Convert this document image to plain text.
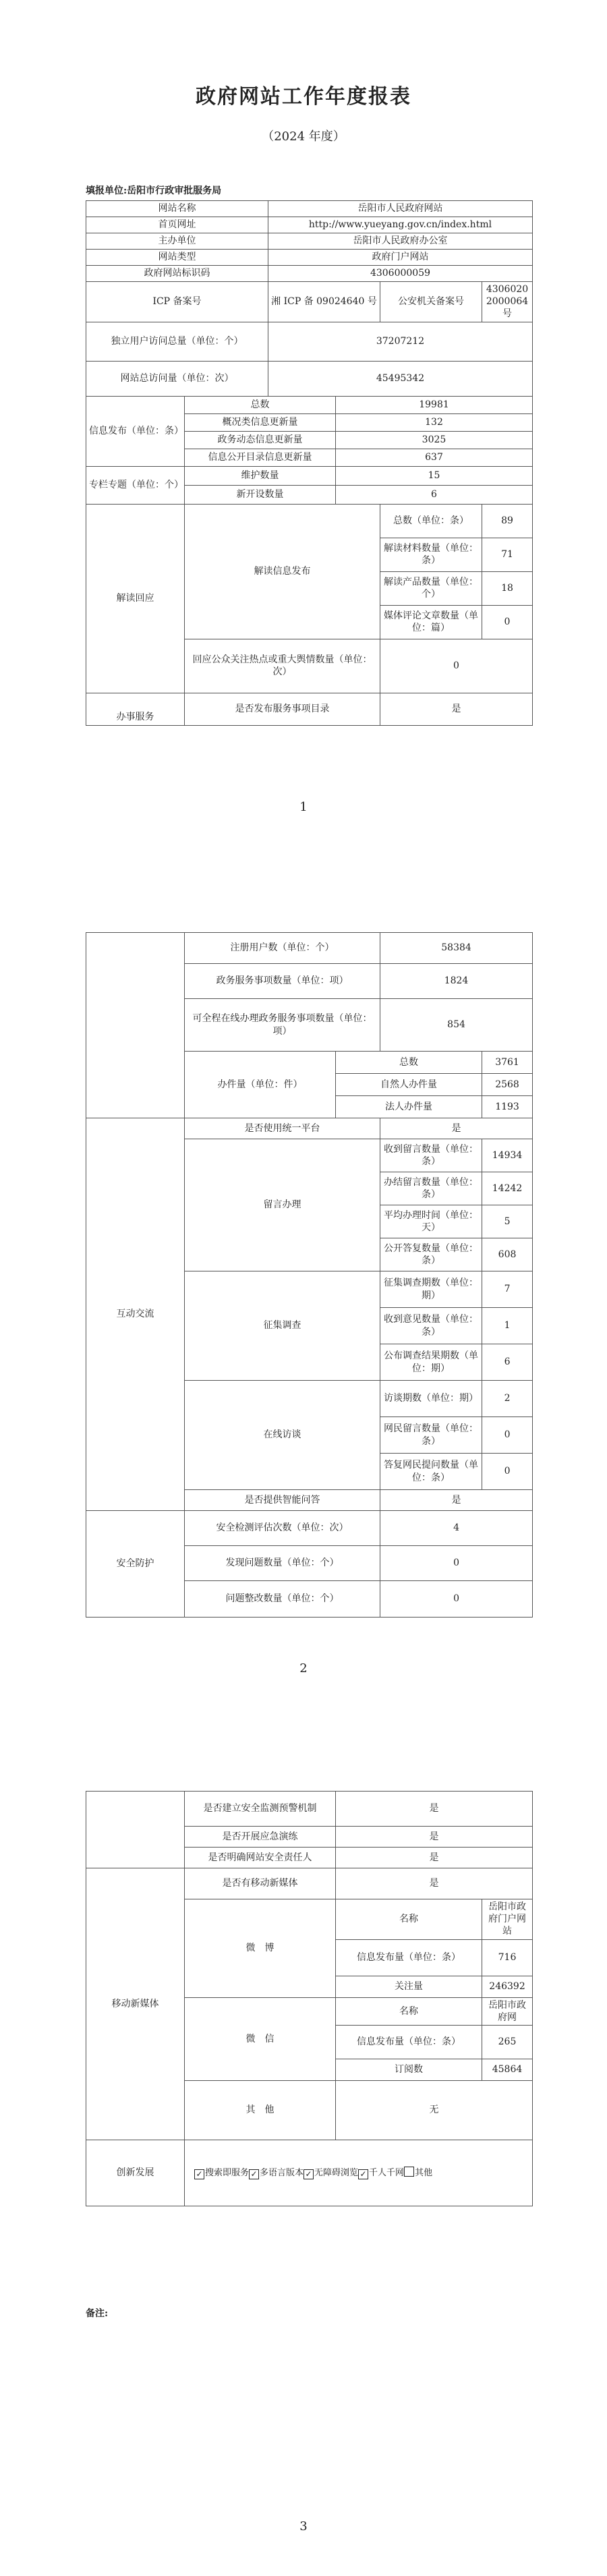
政府网站工作年度报表
（2024 年度）
填报单位:岳阳市行政审批服务局
网站名称		岳阳市人民政府网站			
首页网址		http://www.yueyang.gov.cn/index.html			
主办单位		岳阳市人民政府办公室			
网站类型		政府门户网站			
政府网站标识码		4306000059			
ICP 备案号		湘 ICP 备 09024640 号		公安机关备案号	43060202000064 号
独立用户访问总量（单位：个）		37207212			
网站总访问量（单位：次）		45495342			
信息发布（单位：条）	总数		19981		
	概况类信息更新量		132		
	政务动态信息更新量		3025		
	信息公开目录信息更新量		637		
专栏专题（单位：个）	维护数量		15		
	新开设数量		6		
解读回应	解读信息发布			总数（单位：条）	89
				解读材料数量（单位：条）	71
				解读产品数量（单位：个）	18
				媒体评论文章数量（单位：篇）	0
	回应公众关注热点或重大舆情数量（单位：次）			0	
办事服务	是否发布服务事项目录			是	
1
	注册用户数（单位：个）		58384	
	政务服务事项数量（单位：项）		1824	
	可全程在线办理政务服务事项数量（单位：项）		854	
	办件量（单位：件）	总数		3761
		自然人办件量		2568
		法人办件量		1193
互动交流	是否使用统一平台		是	
	留言办理		收到留言数量（单位：条）	14934
			办结留言数量（单位：条）	14242
			平均办理时间（单位：天）	5
			公开答复数量（单位：条）	608
	征集调查		征集调查期数（单位：期）	7
			收到意见数量（单位：条）	1
			公布调查结果期数（单位：期）	6
	在线访谈		访谈期数（单位：期）	2
			网民留言数量（单位：条）	0
			答复网民提问数量（单位：条）	0
	是否提供智能问答		是	
安全防护	安全检测评估次数（单位：次）		4	
	发现问题数量（单位：个）		0	
	问题整改数量（单位：个）		0	
2
	是否建立安全监测预警机制	是	
	是否开展应急演练	是	
	是否明确网站安全责任人	是	
移动新媒体	是否有移动新媒体	是	
	微　博	名称	岳阳市政府门户网站
		信息发布量（单位：条）	716
		关注量	246392
	微　信	名称	岳阳市政府网
		信息发布量（单位：条）	265
		订阅数	45864
	其　他	无	
创新发展	✓ 搜索即服务 ✓ 多语言版本 ✓ 无障碍浏览 ✓ 千人千网 其他		
备注:
3
